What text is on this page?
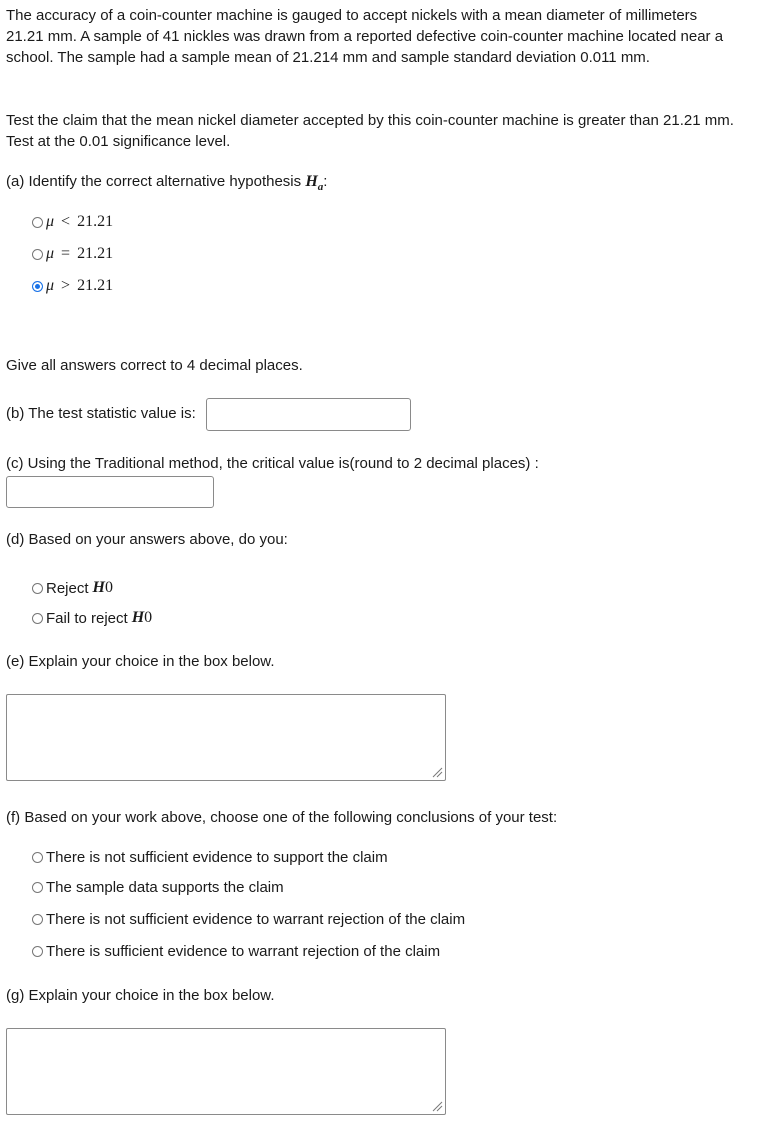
The accuracy of a coin-counter machine is gauged to accept nickels with a mean diameter of millimeters 21.21 mm. A sample of 41 nickles was drawn from a reported defective coin-counter machine located near a school. The sample had a sample mean of 21.214 mm and sample standard deviation 0.011 mm.
Test the claim that the mean nickel diameter accepted by this coin-counter machine is greater than 21.21 mm. Test at the 0.01 significance level.
(a) Identify the correct alternative hypothesis $H_a$:
μ < 21.21
μ = 21.21
μ > 21.21
Give all answers correct to 4 decimal places.
(b) The test statistic value is:
(c) Using the Traditional method, the critical value is(round to 2 decimal places) :
(d) Based on your answers above, do you:
Reject H 0
Fail to reject H 0
(e) Explain your choice in the box below.
(f) Based on your work above, choose one of the following conclusions of your test:
There is not sufficient evidence to support the claim
The sample data supports the claim
There is not sufficient evidence to warrant rejection of the claim
There is sufficient evidence to warrant rejection of the claim
(g) Explain your choice in the box below.
